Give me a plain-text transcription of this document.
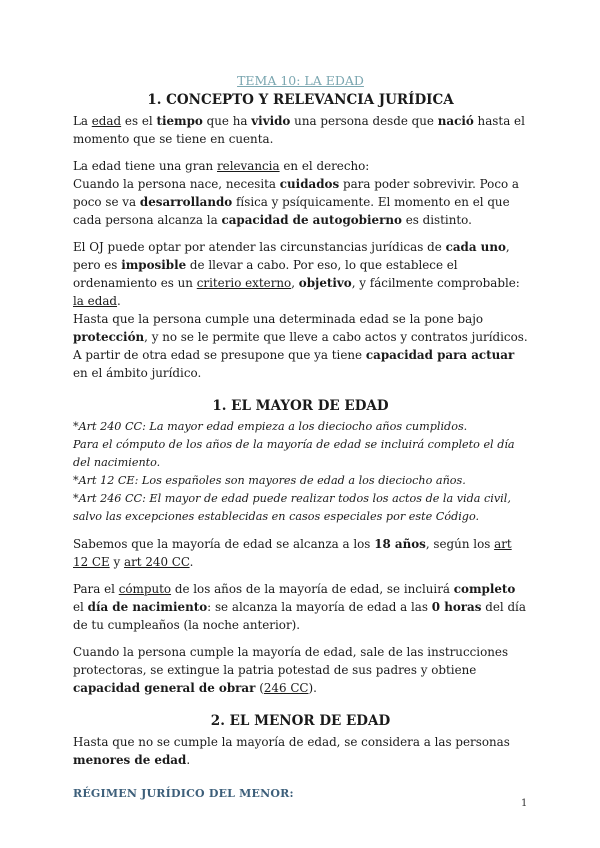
TEMA 10: LA EDAD

1. CONCEPTO Y RELEVANCIA JURÍDICA

La edad es el tiempo que ha vivido una persona desde que nació hasta el momento que se tiene en cuenta.

La edad tiene una gran relevancia en el derecho:

Cuando la persona nace, necesita cuidados para poder sobrevivir. Poco a poco se va desarrollando física y psíquicamente. El momento en el que cada persona alcanza la capacidad de autogobierno es distinto.

El OJ puede optar por atender las circunstancias jurídicas de cada uno, pero es imposible de llevar a cabo. Por eso, lo que establece el ordenamiento es un criterio externo, objetivo, y fácilmente comprobable: la edad.

Hasta que la persona cumple una determinada edad se la pone bajo protección, y no se le permite que lleve a cabo actos y contratos jurídicos. A partir de otra edad se presupone que ya tiene capacidad para actuar en el ámbito jurídico.

1. EL MAYOR DE EDAD

*Art 240 CC: La mayor edad empieza a los dieciocho años cumplidos.

Para el cómputo de los años de la mayoría de edad se incluirá completo el día del nacimiento.

*Art 12 CE: Los españoles son mayores de edad a los dieciocho años.

*Art 246 CC: El mayor de edad puede realizar todos los actos de la vida civil, salvo las excepciones establecidas en casos especiales por este Código.

Sabemos que la mayoría de edad se alcanza a los 18 años, según los art 12 CE y art 240 CC.

Para el cómputo de los años de la mayoría de edad, se incluirá completo el día de nacimiento: se alcanza la mayoría de edad a las 0 horas del día de tu cumpleaños (la noche anterior).

Cuando la persona cumple la mayoría de edad, sale de las instrucciones protectoras, se extingue la patria potestad de sus padres y obtiene capacidad general de obrar (246 CC).

2. EL MENOR DE EDAD

Hasta que no se cumple la mayoría de edad, se considera a las personas menores de edad.

RÉGIMEN JURÍDICO DEL MENOR:

1
